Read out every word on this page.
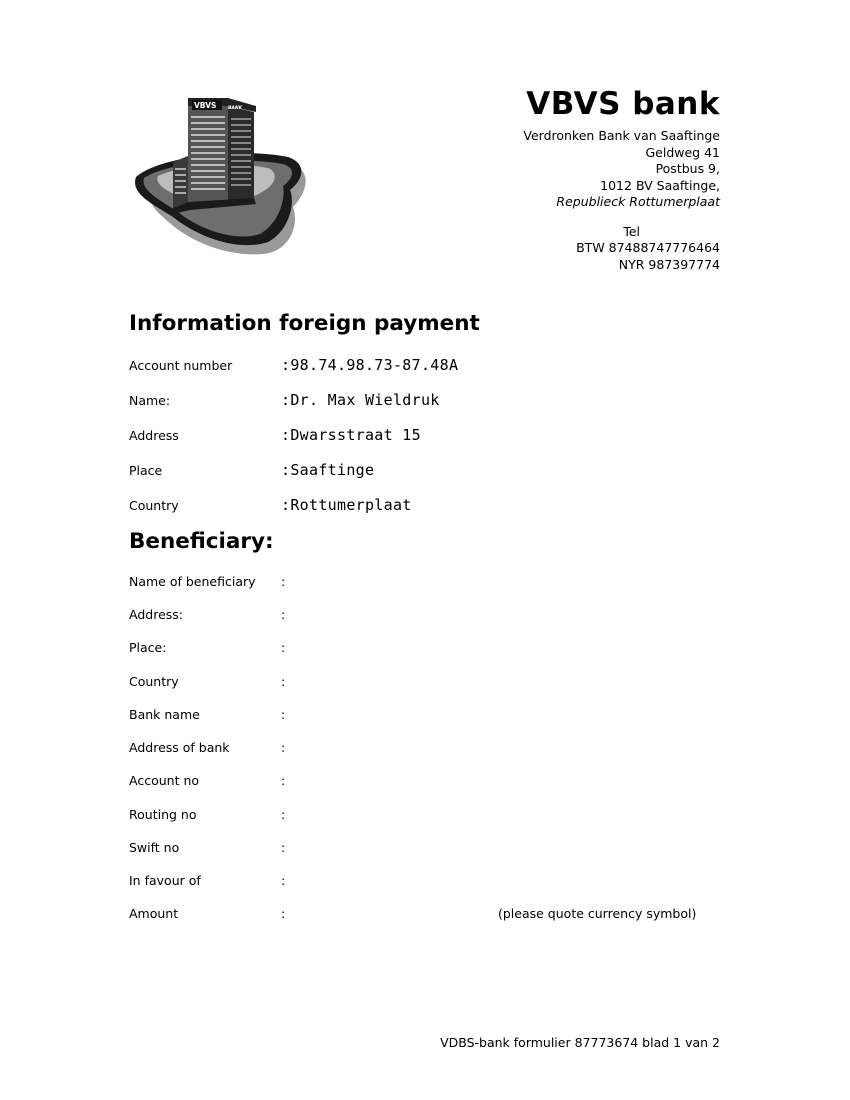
VBVS	BANK	VBVS bank
Verdronken Bank van Saaftinge
Geldweg 41
Postbus 9,
1012 BV Saaftinge,
Republieck Rottumerplaat
Tel
BTW 87488747776464
NYR 987397774
Information foreign payment
Account number	:98.74.98.73-87.48A
Name:	:Dr. Max Wieldruk
Address	:Dwarsstraat 15
Place	:Saaftinge
Country	:Rottumerplaat
Beneficiary:
Name of beneficiary :
Address:	:
Place:	:
Country	:
Bank name	:
Address of bank	:
Account no	:
Routing no	:
Swift no	:
In favour of	:
Amount	:	(please quote currency symbol)
VDBS-bank formulier 87773674 blad 1 van 2
